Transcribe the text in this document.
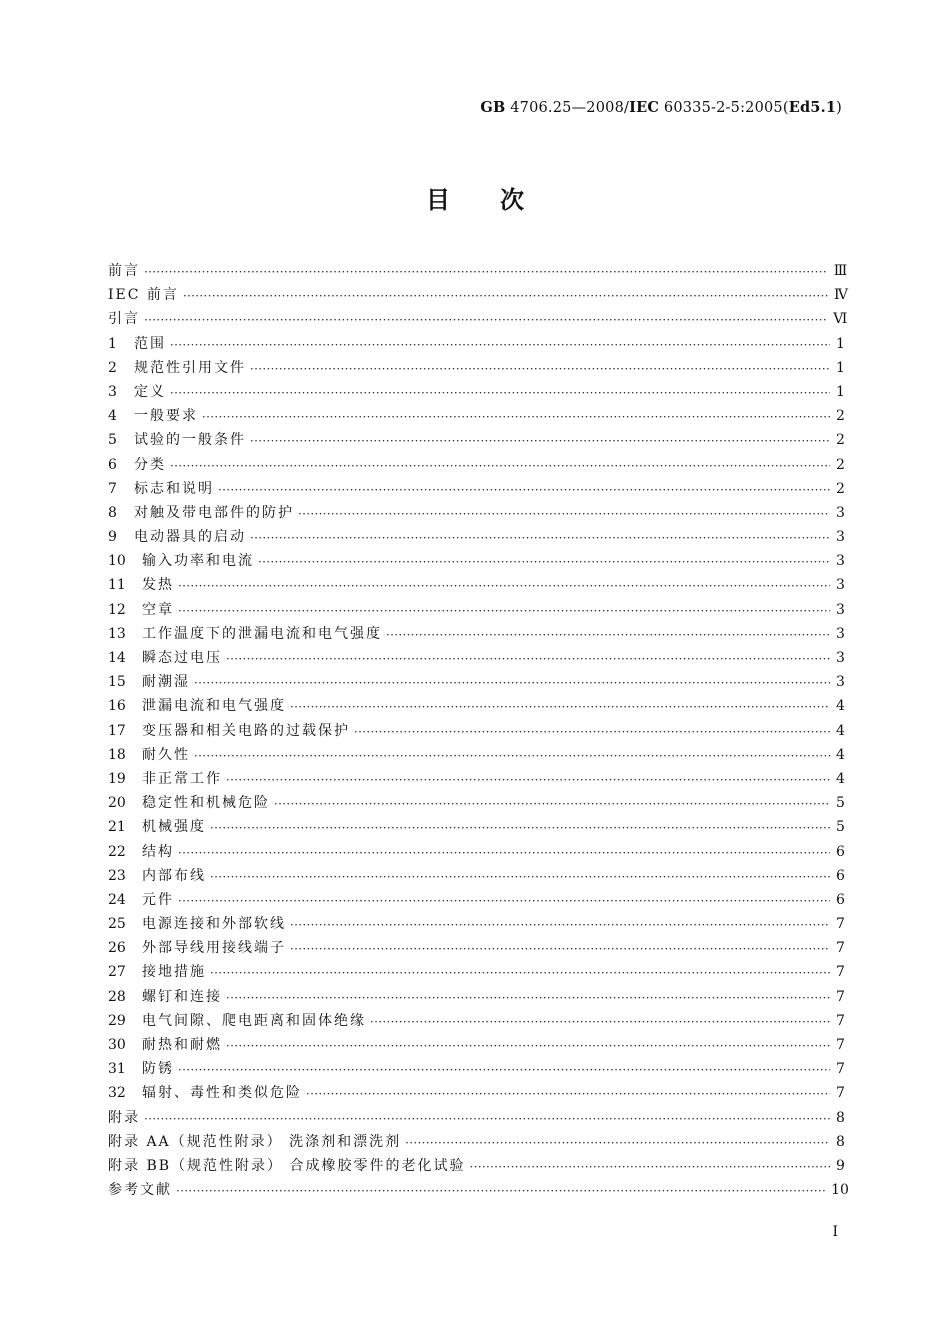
GB 4706.25—2008/IEC 60335-2-5:2005(Ed5.1)
目次
前言 ·····	Ⅲ
IEC 前言 ·····	Ⅳ
引言 ·····	Ⅵ
1	范围 ·····	1
2	规范性引用文件 ·····	1
3	定义 ·····	1
4	一般要求 ·····	2
5	试验的一般条件 ·····	2
6	分类 ·····	2
7	标志和说明 ·····	2
8	对触及带电部件的防护 ·····	3
9	电动器具的启动 ·····	3
10	输入功率和电流 ·····	3
11	发热 ·····	3
12	空章 ·····	3
13	工作温度下的泄漏电流和电气强度 ·····	3
14	瞬态过电压 ·····	3
15	耐潮湿 ·····	3
16	泄漏电流和电气强度 ·····	4
17	变压器和相关电路的过载保护 ·····	4
18	耐久性 ·····	4
19	非正常工作 ·····	4
20	稳定性和机械危险 ·····	5
21	机械强度 ·····	5
22	结构 ·····	6
23	内部布线 ·····	6
24	元件 ·····	6
25	电源连接和外部软线 ·····	7
26	外部导线用接线端子 ·····	7
27	接地措施 ·····	7
28	螺钉和连接 ·····	7
29	电气间隙、爬电距离和固体绝缘 ·····	7
30	耐热和耐燃 ·····	7
31	防锈 ·····	7
32	辐射、毒性和类似危险 ·····	7
附录 ·····	8
附录 AA（规范性附录） 洗涤剂和漂洗剂 ·····	8
附录 BB（规范性附录） 合成橡胶零件的老化试验 ·····	9
参考文献 ·····	10
I
